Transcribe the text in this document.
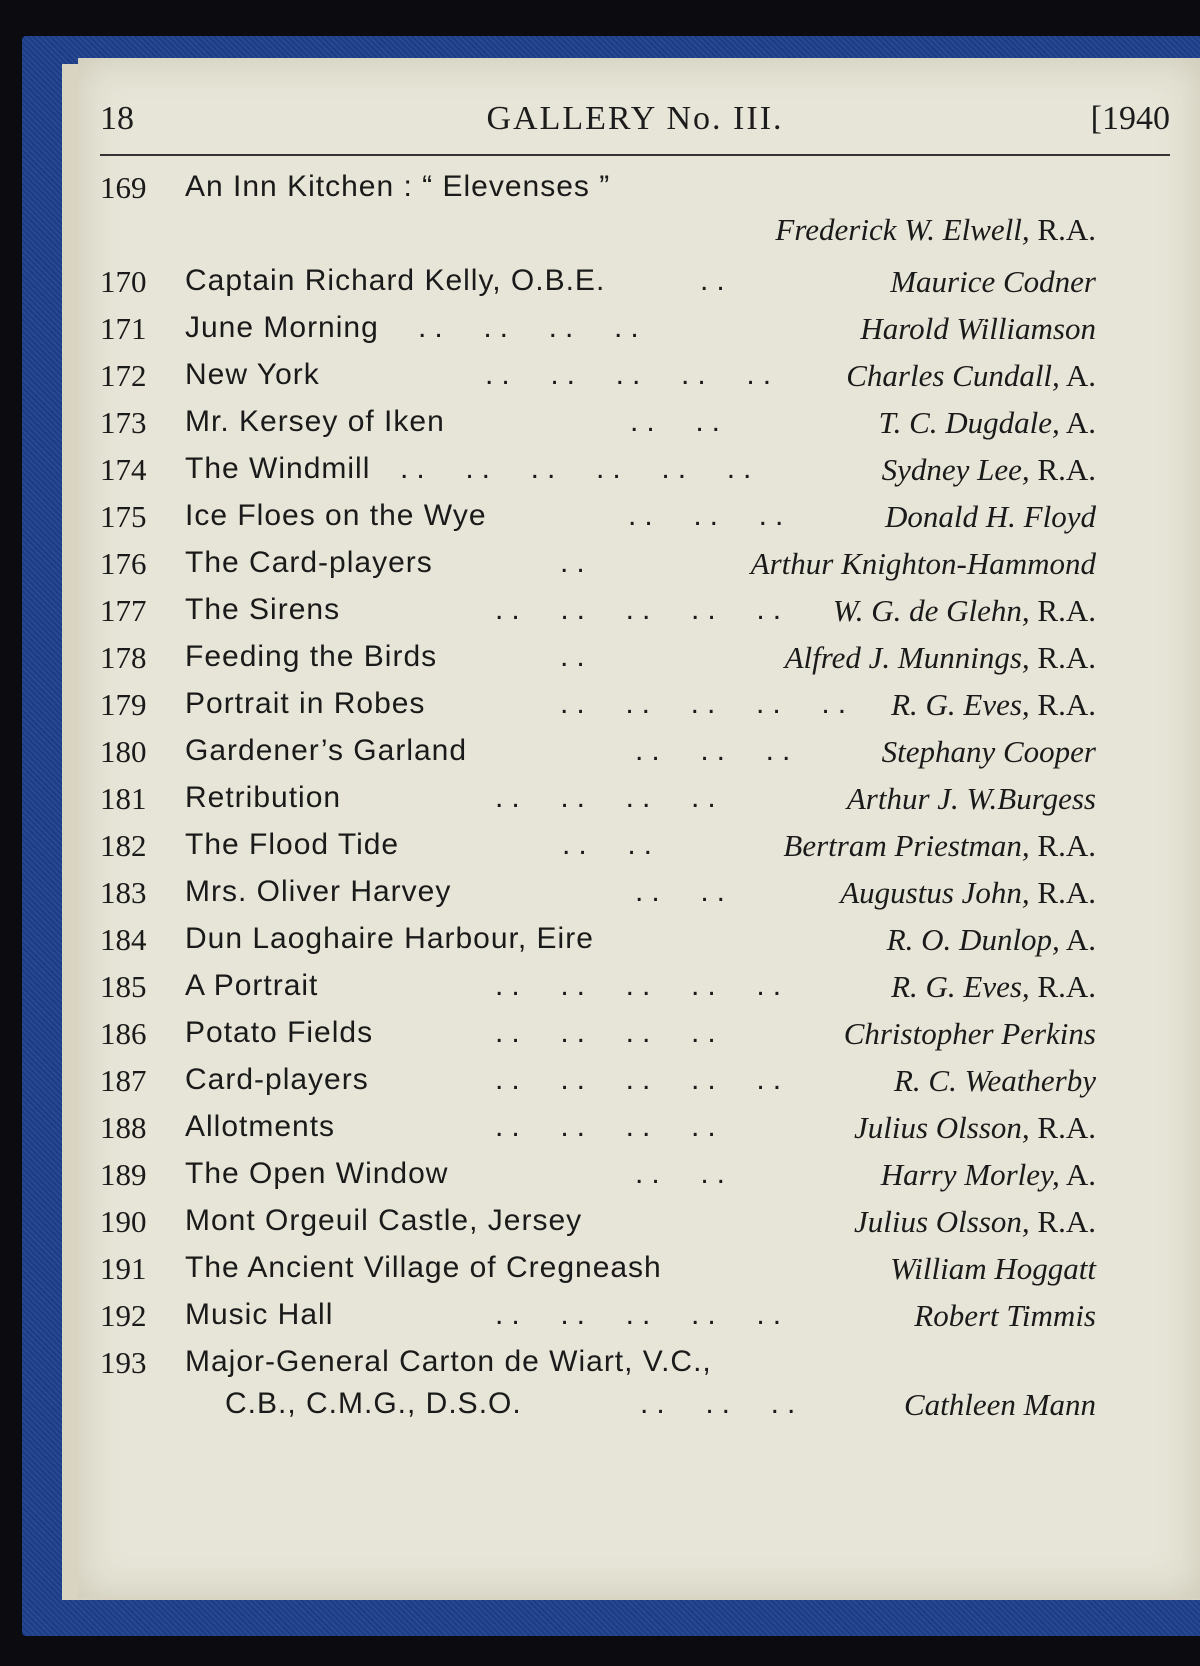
18	GALLERY No. III.	[1940
169	An Inn Kitchen : “ Elevenses ”
Frederick W. Elwell, R.A.
170	Captain Richard Kelly, O.B.E.	..	Maurice Codner
171	June Morning ..  ..  ..  ..	Harold Williamson
172	New York	..  ..  ..  ..  .. Charles Cundall, A.
173	Mr. Kersey of Iken	..  ..	T. C. Dugdale, A.
174	The Windmill ..  ..  ..  ..  ..  ..	Sydney Lee, R.A.
175	Ice Floes on the Wye	..  ..  ..	Donald H. Floyd
176	The Card-players	..	Arthur Knighton-Hammond
177	The Sirens	..  ..  ..  ..  .. W. G. de Glehn, R.A.
178	Feeding the Birds	..	Alfred J. Munnings, R.A.
179	Portrait in Robes	..  ..  ..  ..  .. R. G. Eves, R.A.
180	Gardener’s Garland	..  ..  ..	Stephany Cooper
181	Retribution	..  ..  ..  ..	Arthur J. W.Burgess
182	The Flood Tide	..  ..	Bertram Priestman, R.A.
183	Mrs. Oliver Harvey	..  ..	Augustus John, R.A.
184	Dun Laoghaire Harbour, Eire	R. O. Dunlop, A.
185	A Portrait	..  ..  ..  ..  ..	R. G. Eves, R.A.
186	Potato Fields	..  ..  ..  ..	Christopher Perkins
187	Card-players	..  ..  ..  ..  ..	R. C. Weatherby
188	Allotments	..  ..  ..  ..	Julius Olsson, R.A.
189	The Open Window	..  ..	Harry Morley, A.
190	Mont Orgeuil Castle, Jersey	Julius Olsson, R.A.
191	The Ancient Village of Cregneash	William Hoggatt
192	Music Hall	..  ..  ..  ..  ..	Robert Timmis
193	Major-General Carton de Wiart, V.C.,
C.B., C.M.G., D.S.O.	..  ..  ..	Cathleen Mann
